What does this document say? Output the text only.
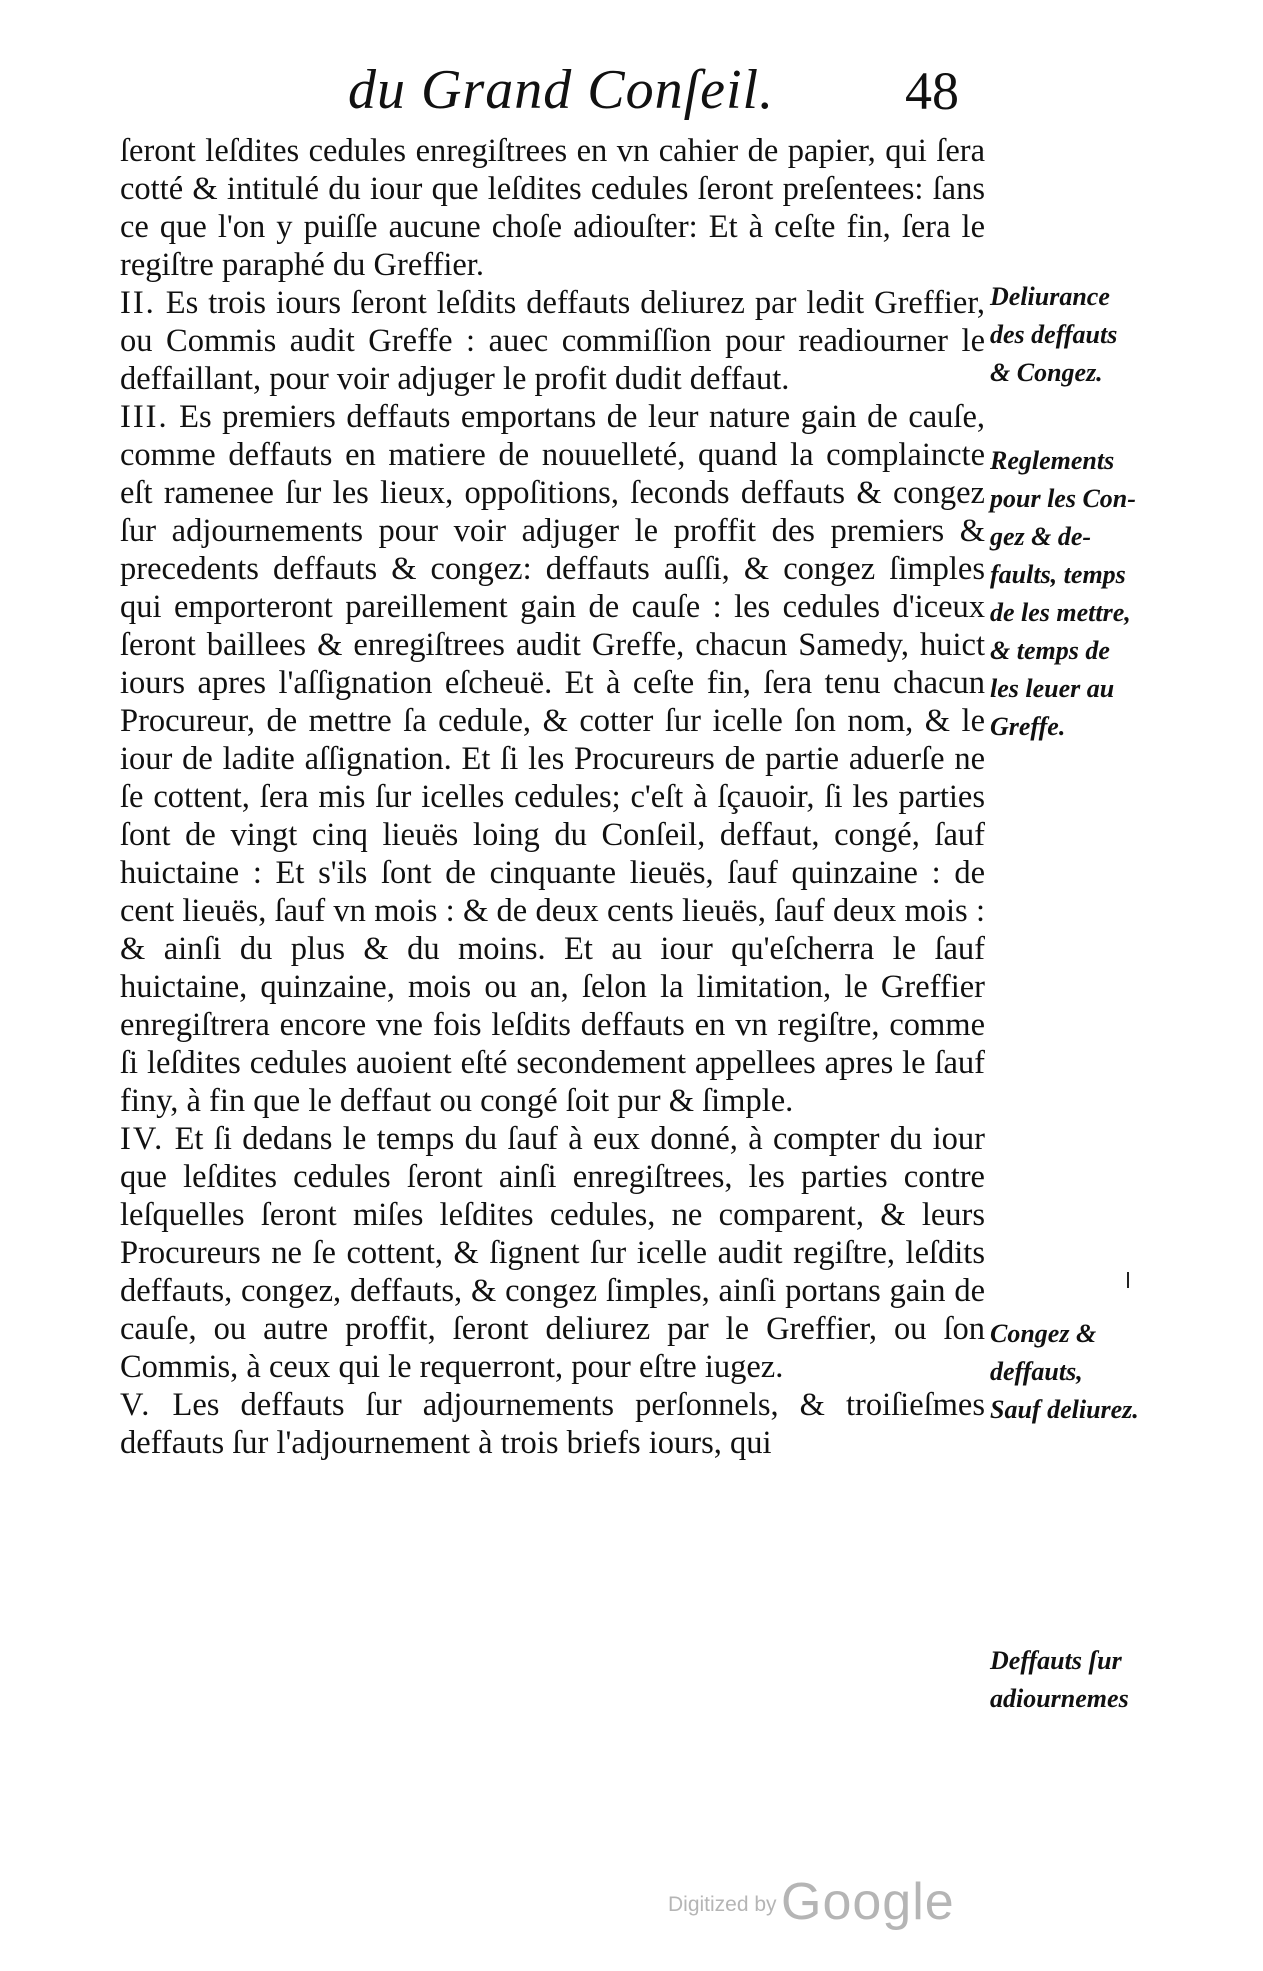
du Grand Conſeil. 48

ſeront leſdites cedules enregiſtrees en vn cahier de papier, qui ſera cotté & intitulé du iour que leſdites cedules ſeront preſentees: ſans ce que l'on y puiſſe aucune choſe adiouſter: Et à ceſte fin, ſera le regiſtre paraphé du Greffier.

II. Es trois iours ſeront leſdits deffauts deliurez par ledit Greffier, ou Commis audit Greffe : auec commiſſion pour readiourner le deffaillant, pour voir adjuger le profit dudit deffaut.

III. Es premiers deffauts emportans de leur nature gain de cauſe, comme deffauts en matiere de nouuelleté, quand la complaincte eſt ramenee ſur les lieux, oppoſitions, ſeconds deffauts & congez ſur adjournements pour voir adjuger le proffit des premiers & precedents deffauts & congez: deffauts auſſi, & congez ſimples qui emporteront pareillement gain de cauſe : les cedules d'iceux ſeront baillees & enregiſtrees audit Greffe, chacun Samedy, huict iours apres l'aſſignation eſcheuë. Et à ceſte fin, ſera tenu chacun Procureur, de mettre ſa cedule, & cotter ſur icelle ſon nom, & le iour de ladite aſſignation. Et ſi les Procureurs de partie aduerſe ne ſe cottent, ſera mis ſur icelles cedules; c'eſt à ſçauoir, ſi les parties ſont de vingt cinq lieuës loing du Conſeil, deffaut, congé, ſauf huictaine : Et s'ils ſont de cinquante lieuës, ſauf quinzaine : de cent lieuës, ſauf vn mois : & de deux cents lieuës, ſauf deux mois : & ainſi du plus & du moins. Et au iour qu'eſcherra le ſauf huictaine, quinzaine, mois ou an, ſelon la limitation, le Greffier enregiſtrera encore vne fois leſdits deffauts en vn regiſtre, comme ſi leſdites cedules auoient eſté secondement appellees apres le ſauf finy, à fin que le deffaut ou congé ſoit pur & ſimple.

IV. Et ſi dedans le temps du ſauf à eux donné, à compter du iour que leſdites cedules ſeront ainſi enregiſtrees, les parties contre leſquelles ſeront miſes leſdites cedules, ne comparent, & leurs Procureurs ne ſe cottent, & ſignent ſur icelle audit regiſtre, leſdits deffauts, congez, deffauts, & congez ſimples, ainſi portans gain de cauſe, ou autre proffit, ſeront deliurez par le Greffier, ou ſon Commis, à ceux qui le requerront, pour eſtre iugez.

V. Les deffauts ſur adjournements perſonnels, & troiſieſmes deffauts ſur l'adjournement à trois briefs iours, qui

Deliurance
des deffauts
& Congez.
Reglements
pour les Con-
gez & de-
faults, temps
de les mettre,
& temps de
les leuer au
Greffe.
Congez &
deffauts,
Sauf deliurez.
Deffauts ſur
adiournemes
Digitized by Google
